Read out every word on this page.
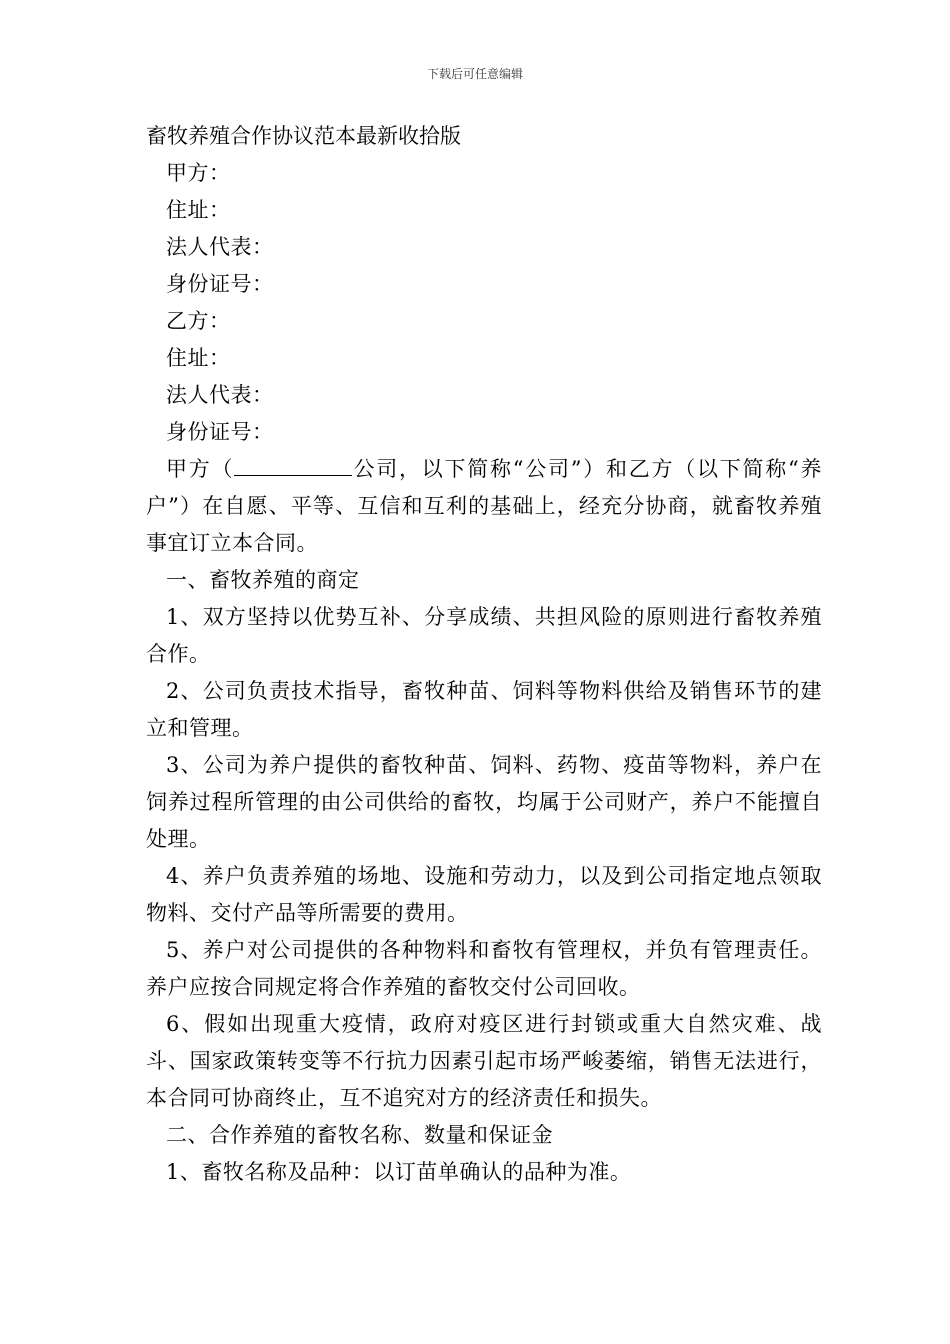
下载后可任意编辑

畜牧养殖合作协议范本最新收拾版

甲方：

住址：

法人代表：

身份证号：

乙方：

住址：

法人代表：

身份证号：

甲方（	公司，以下简称“公司”）和乙方（以下简称“养户”）在自愿、平等、互信和互利的基础上，经充分协商，就畜牧养殖事宜订立本合同。

一、畜牧养殖的商定

1、双方坚持以优势互补、分享成绩、共担风险的原则进行畜牧养殖合作。

2、公司负责技术指导，畜牧种苗、饲料等物料供给及销售环节的建立和管理。

3、公司为养户提供的畜牧种苗、饲料、药物、疫苗等物料，养户在饲养过程所管理的由公司供给的畜牧，均属于公司财产，养户不能擅自处理。

4、养户负责养殖的场地、设施和劳动力，以及到公司指定地点领取物料、交付产品等所需要的费用。

5、养户对公司提供的各种物料和畜牧有管理权，并负有管理责任。养户应按合同规定将合作养殖的畜牧交付公司回收。

6、假如出现重大疫情，政府对疫区进行封锁或重大自然灾难、战斗、国家政策转变等不行抗力因素引起市场严峻萎缩，销售无法进行，本合同可协商终止，互不追究对方的经济责任和损失。

二、合作养殖的畜牧名称、数量和保证金

1、畜牧名称及品种：以订苗单确认的品种为准。
